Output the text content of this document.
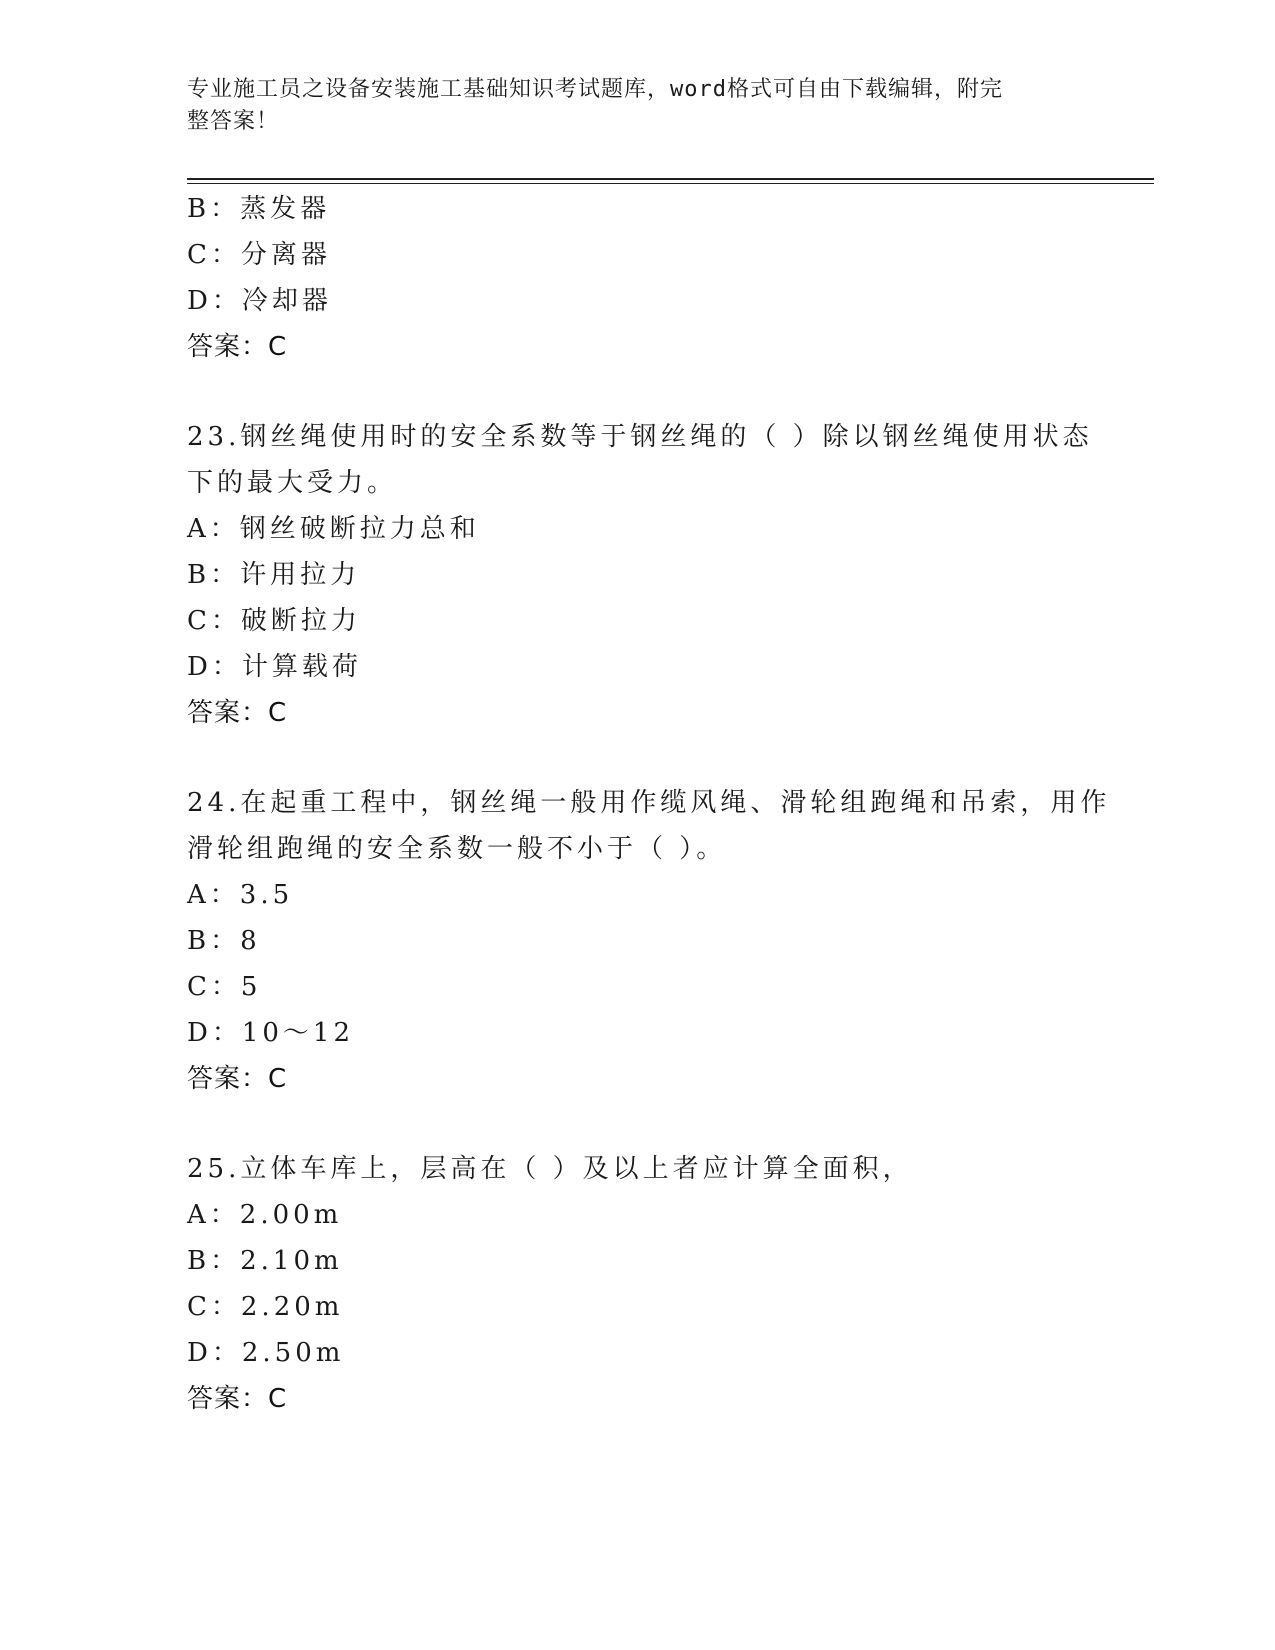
专业施工员之设备安装施工基础知识考试题库，word格式可自由下载编辑，附完
整答案！
B：蒸发器
C：分离器
D：冷却器
答案：C
23.钢丝绳使用时的安全系数等于钢丝绳的（ ）除以钢丝绳使用状态
下的最大受力。
A：钢丝破断拉力总和
B：许用拉力
C：破断拉力
D：计算载荷
答案：C
24.在起重工程中，钢丝绳一般用作缆风绳、滑轮组跑绳和吊索，用作
滑轮组跑绳的安全系数一般不小于（ ）。
A：3.5
B：8
C：5
D：10～12
答案：C
25.立体车库上，层高在（ ）及以上者应计算全面积，
A：2.00m
B：2.10m
C：2.20m
D：2.50m
答案：C
